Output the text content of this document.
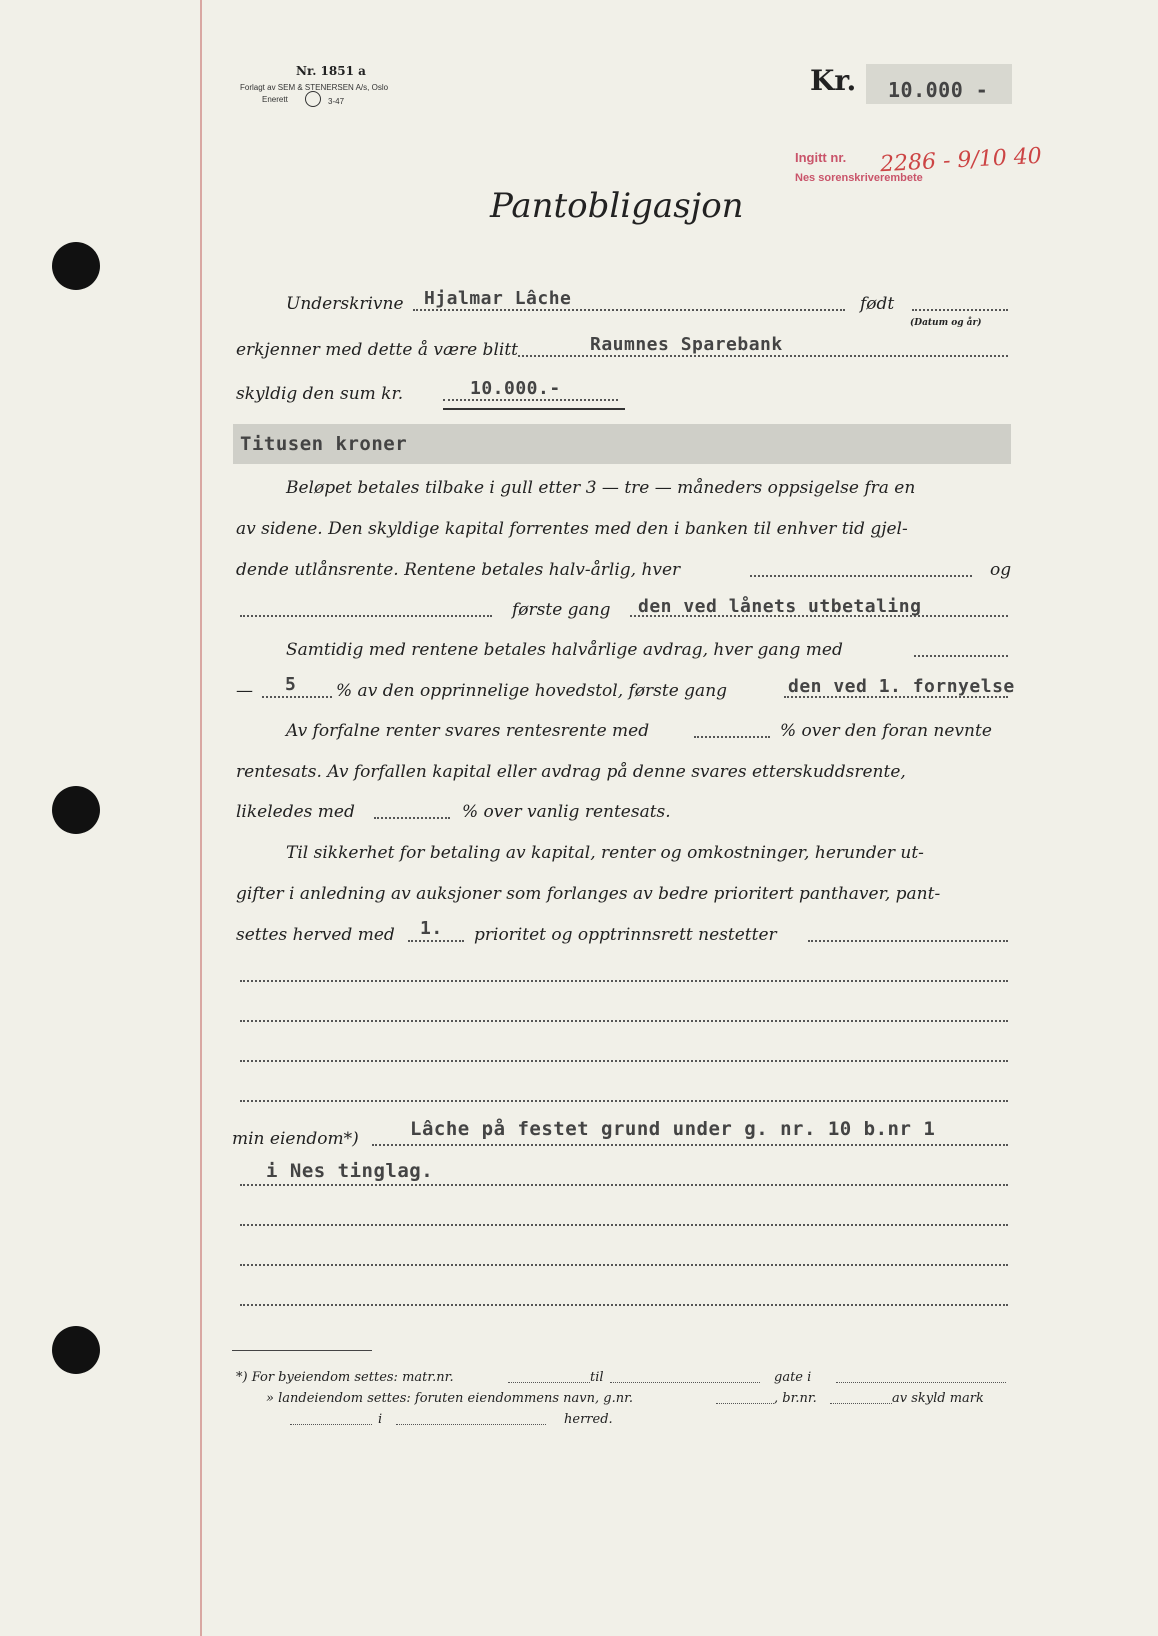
Nr. 1851 a
Forlagt av SEM & STENERSEN A/s, Oslo
Enerett	3-47
Kr. 10.000 -
Ingitt nr.
Nes sorenskriverembete
2286 - 9/10 40
Pantobligasjon
Underskrivne Hjalmar Lâche	født
(Datum og år)
erkjenner med dette å være blitt	Raumnes Sparebank
skyldig den sum kr.	10.000.-
Titusen kroner
Beløpet betales tilbake i gull etter 3 — tre — måneders oppsigelse fra en
av sidene. Den skyldige kapital forrentes med den i banken til enhver tid gjel-
dende utlånsrente. Rentene betales halv-årlig, hver	og
første gang den ved lånets utbetaling
Samtidig med rentene betales halvårlige avdrag, hver gang med
— 5 % av den opprinnelige hovedstol, første gang	den ved 1. fornyelse
Av forfalne renter svares rentesrente med	% over den foran nevnte
rentesats. Av forfallen kapital eller avdrag på denne svares etterskuddsrente,
likeledes med	% over vanlig rentesats.
Til sikkerhet for betaling av kapital, renter og omkostninger, herunder ut-
gifter i anledning av auksjoner som forlanges av bedre prioritert panthaver, pant-
settes herved med 1. prioritet og opptrinnsrett nestetter
min eiendom*)	Lâche på festet grund under g. nr. 10 b.nr 1
i Nes tinglag.
*) For byeiendom settes: matr.nr.	til	gate i
» landeiendom settes: foruten eiendommens navn, g.nr.	, br.nr.	av skyld mark
i	herred.
